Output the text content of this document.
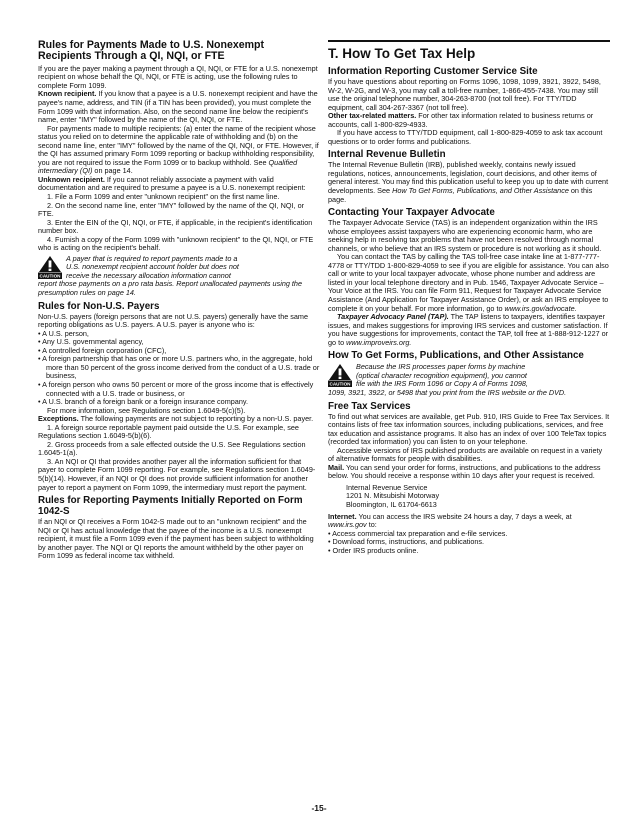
Rules for Payments Made to U.S. Nonexempt Recipients Through a QI, NQI, or FTE

If you are the payer making a payment through a QI, NQI, or FTE for a U.S. nonexempt recipient on whose behalf the QI, NQI, or FTE is acting, use the following rules to complete Form 1099.

Known recipient. If you know that a payee is a U.S. nonexempt recipient and have the payee's name, address, and TIN (if a TIN has been provided), you must complete the Form 1099 with that information. Also, on the second name line below the recipient's name, enter "IMY" followed by the name of the QI, NQI, or FTE.

For payments made to multiple recipients: (a) enter the name of the recipient whose status you relied on to determine the applicable rate of withholding and (b) on the second name line, enter "IMY" followed by the name of the QI, NQI, or FTE. However, if the QI has assumed primary Form 1099 reporting or backup withholding responsibility, you are not required to issue the Form 1099 or to backup withhold. See Qualified intermediary (QI) on page 14.

Unknown recipient. If you cannot reliably associate a payment with valid documentation and are required to presume a payee is a U.S. nonexempt recipient:

1. File a Form 1099 and enter "unknown recipient" on the first name line.

2. On the second name line, enter "IMY" followed by the name of the QI, NQI, or FTE.

3. Enter the EIN of the QI, NQI, or FTE, if applicable, in the recipient's identification number box.

4. Furnish a copy of the Form 1099 with "unknown recipient" to the QI, NQI, or FTE who is acting on the recipient's behalf.

CAUTION
A payer that is required to report payments made to a
U.S. nonexempt recipient account holder but does not
receive the necessary allocation information cannot
report those payments on a pro rata basis. Report unallocated payments using the presumption rules on page 14.
Rules for Non-U.S. Payers

Non-U.S. payers (foreign persons that are not U.S. payers) generally have the same reporting obligations as U.S. payers. A U.S. payer is anyone who is:

• A U.S. person,

• Any U.S. governmental agency,

• A controlled foreign corporation (CFC),

• A foreign partnership that has one or more U.S. partners who, in the aggregate, hold more than 50 percent of the gross income derived from the conduct of a U.S. trade or business,

• A foreign person who owns 50 percent or more of the gross income that is effectively connected with a U.S. trade or business, or

• A U.S. branch of a foreign bank or a foreign insurance company.

For more information, see Regulations section 1.6049-5(c)(5).

Exceptions. The following payments are not subject to reporting by a non-U.S. payer.

1. A foreign source reportable payment paid outside the U.S. For example, see Regulations section 1.6049-5(b)(6).

2. Gross proceeds from a sale effected outside the U.S. See Regulations section 1.6045-1(a).

3. An NQI or QI that provides another payer all the information sufficient for that payer to complete Form 1099 reporting. For example, see Regulations section 1.6049-5(b)(14). However, if an NQI or QI does not provide sufficient information for another payer to report a payment on Form 1099, the intermediary must report the payment.

Rules for Reporting Payments Initially Reported on Form 1042-S

If an NQI or QI receives a Form 1042-S made out to an "unknown recipient" and the NQI or QI has actual knowledge that the payee of the income is a U.S. nonexempt recipient, it must file a Form 1099 even if the payment has been subject to withholding by another payer. The NQI or QI reports the amount withheld by the other payer on Form 1099 as federal income tax withheld.

T. How To Get Tax Help
Information Reporting Customer Service Site

If you have questions about reporting on Forms 1096, 1098, 1099, 3921, 3922, 5498, W-2, W-2G, and W-3, you may call a toll-free number, 1-866-455-7438. You may still use the original telephone number, 304-263-8700 (not toll free). For TTY/TDD equipment, call 304-267-3367 (not toll free).

Other tax-related matters. For other tax information related to business returns or accounts, call 1-800-829-4933.

If you have access to TTY/TDD equipment, call 1-800-829-4059 to ask tax account questions or to order forms and publications.

Internal Revenue Bulletin

The Internal Revenue Bulletin (IRB), published weekly, contains newly issued regulations, notices, announcements, legislation, court decisions, and other items of general interest. You may find this publication useful to keep you up to date with current developments. See How To Get Forms, Publications, and Other Assistance on this page.

Contacting Your Taxpayer Advocate

The Taxpayer Advocate Service (TAS) is an independent organization within the IRS whose employees assist taxpayers who are experiencing economic harm, who are seeking help in resolving tax problems that have not been resolved through normal channels, or who believe that an IRS system or procedure is not working as it should.

You can contact the TAS by calling the TAS toll-free case intake line at 1-877-777-4778 or TTY/TDD 1-800-829-4059 to see if you are eligible for assistance. You can also call or write to your local taxpayer advocate, whose phone number and address are listed in your local telephone directory and in Pub. 1546, Taxpayer Advocate Service – Your Voice at the IRS. You can file Form 911, Request for Taxpayer Advocate Service Assistance (And Application for Taxpayer Assistance Order), or ask an IRS employee to complete it on your behalf. For more information, go to www.irs.gov/advocate.

Taxpayer Advocacy Panel (TAP). The TAP listens to taxpayers, identifies taxpayer issues, and makes suggestions for improving IRS services and customer satisfaction. If you have suggestions for improvements, contact the TAP, toll free at 1-888-912-1227 or go to www.improveirs.org.

How To Get Forms, Publications, and Other Assistance
CAUTION
Because the IRS processes paper forms by machine
(optical character recognition equipment), you cannot
file with the IRS Form 1096 or Copy A of Forms 1098,
1099, 3921, 3922, or 5498 that you print from the IRS website or the DVD.
Free Tax Services

To find out what services are available, get Pub. 910, IRS Guide to Free Tax Services. It contains lists of free tax information sources, including publications, services, and free tax education and assistance programs. It also has an index of over 100 TeleTax topics (recorded tax information) you can listen to on your telephone.

Accessible versions of IRS published products are available on request in a variety of alternative formats for people with disabilities.

Mail. You can send your order for forms, instructions, and publications to the address below. You should receive a response within 10 days after your request is received.

Internal Revenue Service

1201 N. Mitsubishi Motorway

Bloomington, IL 61704-6613

Internet. You can access the IRS website 24 hours a day, 7 days a week, at www.irs.gov to:

• Access commercial tax preparation and e-file services.

• Download forms, instructions, and publications.

• Order IRS products online.

-15-
